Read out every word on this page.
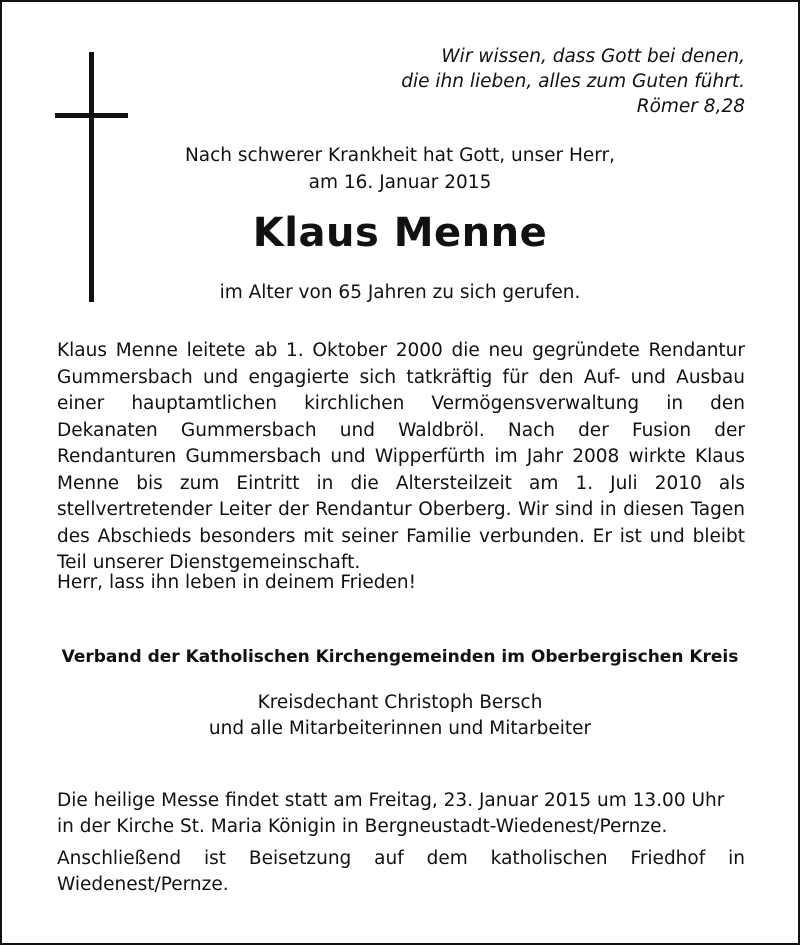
Wir wissen, dass Gott bei denen,
die ihn lieben, alles zum Guten führt.
Römer 8,28
Nach schwerer Krankheit hat Gott, unser Herr,
am 16. Januar 2015
Klaus Menne
im Alter von 65 Jahren zu sich gerufen.

Klaus Menne leitete ab 1. Oktober 2000 die neu gegründete Rendantur Gummersbach und engagierte sich tatkräftig für den Auf- und Ausbau einer hauptamtlichen kirchlichen Vermögensverwaltung in den Dekanaten Gummersbach und Waldbröl. Nach der Fusion der Rendanturen Gummersbach und Wipperfürth im Jahr 2008 wirkte Klaus Menne bis zum Eintritt in die Altersteilzeit am 1. Juli 2010 als stellvertretender Leiter der Rendantur Oberberg. Wir sind in diesen Tagen des Abschieds besonders mit seiner Familie verbunden. Er ist und bleibt Teil unserer Dienstgemeinschaft.

Herr, lass ihn leben in deinem Frieden!
Verband der Katholischen Kirchengemeinden im Oberbergischen Kreis
Kreisdechant Christoph Bersch
und alle Mitarbeiterinnen und Mitarbeiter
Die heilige Messe findet statt am Freitag, 23. Januar 2015 um 13.00 Uhr
in der Kirche St. Maria Königin in Bergneustadt-Wiedenest/Pernze.
Anschließend ist Beisetzung auf dem katholischen Friedhof in Wiedenest/Pernze.
